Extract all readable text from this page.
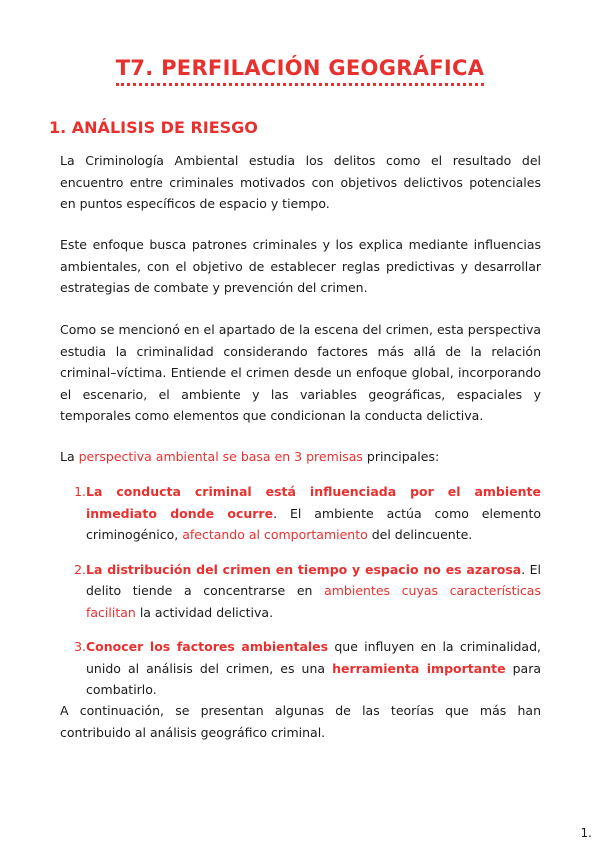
T7. PERFILACIÓN GEOGRÁFICA
1. ANÁLISIS DE RIESGO

La Criminología Ambiental estudia los delitos como el resultado del encuentro entre criminales motivados con objetivos delictivos potenciales en puntos específicos de espacio y tiempo.

Este enfoque busca patrones criminales y los explica mediante influencias ambientales, con el objetivo de establecer reglas predictivas y desarrollar estrategias de combate y prevención del crimen.

Como se mencionó en el apartado de la escena del crimen, esta perspectiva estudia la criminalidad considerando factores más allá de la relación criminal–víctima. Entiende el crimen desde un enfoque global, incorporando el escenario, el ambiente y las variables geográficas, espaciales y temporales como elementos que condicionan la conducta delictiva.

La perspectiva ambiental se basa en 3 premisas principales:

1. La conducta criminal está influenciada por el ambiente inmediato donde ocurre. El ambiente actúa como elemento criminogénico, afectando al comportamiento del delincuente.
2. La distribución del crimen en tiempo y espacio no es azarosa. El delito tiende a concentrarse en ambientes cuyas características facilitan la actividad delictiva.
3. Conocer los factores ambientales que influyen en la criminalidad, unido al análisis del crimen, es una herramienta importante para combatirlo.

A continuación, se presentan algunas de las teorías que más han contribuido al análisis geográfico criminal.

1.
